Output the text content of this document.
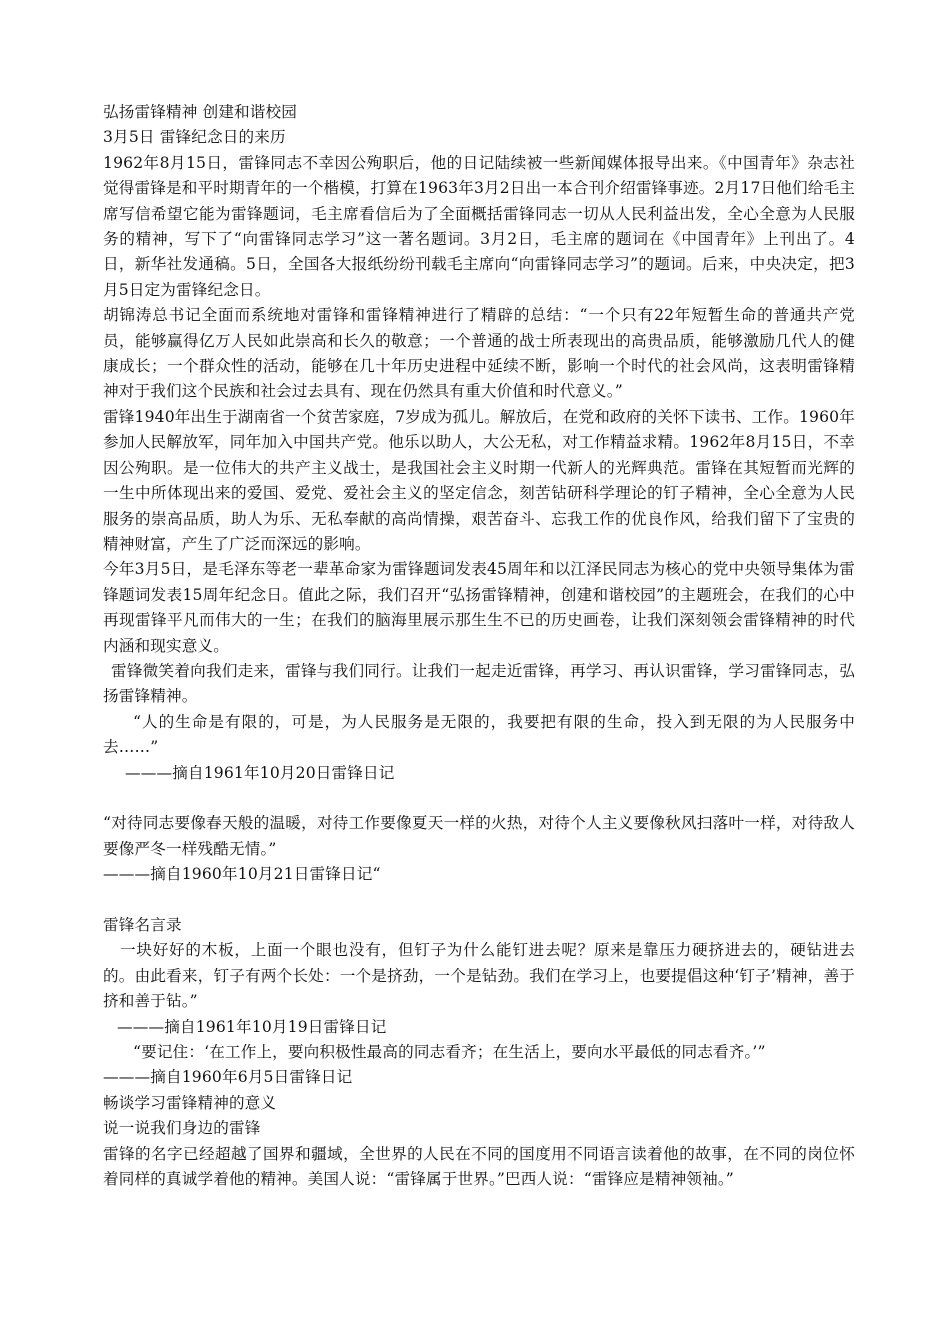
弘扬雷锋精神 创建和谐校园

3月5日 雷锋纪念日的来历

1962年8月15日，雷锋同志不幸因公殉职后，他的日记陆续被一些新闻媒体报导出来。《中国青年》杂志社觉得雷锋是和平时期青年的一个楷模，打算在1963年3月2日出一本合刊介绍雷锋事迹。2月17日他们给毛主席写信希望它能为雷锋题词，毛主席看信后为了全面概括雷锋同志一切从人民利益出发，全心全意为人民服务的精神，写下了“向雷锋同志学习”这一著名题词。3月2日，毛主席的题词在《中国青年》上刊出了。4日，新华社发通稿。5日，全国各大报纸纷纷刊载毛主席向“向雷锋同志学习”的题词。后来，中央决定，把3月5日定为雷锋纪念日。

胡锦涛总书记全面而系统地对雷锋和雷锋精神进行了精辟的总结：“一个只有22年短暂生命的普通共产党员，能够赢得亿万人民如此崇高和长久的敬意；一个普通的战士所表现出的高贵品质，能够激励几代人的健康成长；一个群众性的活动，能够在几十年历史进程中延续不断，影响一个时代的社会风尚，这表明雷锋精神对于我们这个民族和社会过去具有、现在仍然具有重大价值和时代意义。”

雷锋1940年出生于湖南省一个贫苦家庭，7岁成为孤儿。解放后，在党和政府的关怀下读书、工作。1960年参加人民解放军，同年加入中国共产党。他乐以助人，大公无私，对工作精益求精。1962年8月15日，不幸因公殉职。是一位伟大的共产主义战士，是我国社会主义时期一代新人的光辉典范。雷锋在其短暂而光辉的一生中所体现出来的爱国、爱党、爱社会主义的坚定信念，刻苦钻研科学理论的钉子精神，全心全意为人民服务的崇高品质，助人为乐、无私奉献的高尚情操，艰苦奋斗、忘我工作的优良作风，给我们留下了宝贵的精神财富，产生了广泛而深远的影响。

今年3月5日，是毛泽东等老一辈革命家为雷锋题词发表45周年和以江泽民同志为核心的党中央领导集体为雷锋题词发表15周年纪念日。值此之际，我们召开“弘扬雷锋精神，创建和谐校园”的主题班会，在我们的心中再现雷锋平凡而伟大的一生；在我们的脑海里展示那生生不已的历史画卷，让我们深刻领会雷锋精神的时代内涵和现实意义。

雷锋微笑着向我们走来，雷锋与我们同行。让我们一起走近雷锋，再学习、再认识雷锋，学习雷锋同志，弘扬雷锋精神。

“人的生命是有限的，可是，为人民服务是无限的，我要把有限的生命，投入到无限的为人民服务中去……”

———摘自1961年10月20日雷锋日记

“对待同志要像春天般的温暖，对待工作要像夏天一样的火热，对待个人主义要像秋风扫落叶一样，对待敌人要像严冬一样残酷无情。”

———摘自1960年10月21日雷锋日记“

雷锋名言录

一块好好的木板，上面一个眼也没有，但钉子为什么能钉进去呢？原来是靠压力硬挤进去的，硬钻进去的。由此看来，钉子有两个长处：一个是挤劲，一个是钻劲。我们在学习上，也要提倡这种‘钉子’精神，善于挤和善于钻。”

———摘自1961年10月19日雷锋日记

“要记住：‘在工作上，要向积极性最高的同志看齐；在生活上，要向水平最低的同志看齐。’”

———摘自1960年6月5日雷锋日记

畅谈学习雷锋精神的意义

说一说我们身边的雷锋

雷锋的名字已经超越了国界和疆域，全世界的人民在不同的国度用不同语言读着他的故事，在不同的岗位怀着同样的真诚学着他的精神。美国人说：“雷锋属于世界。”巴西人说：“雷锋应是精神领袖。”
